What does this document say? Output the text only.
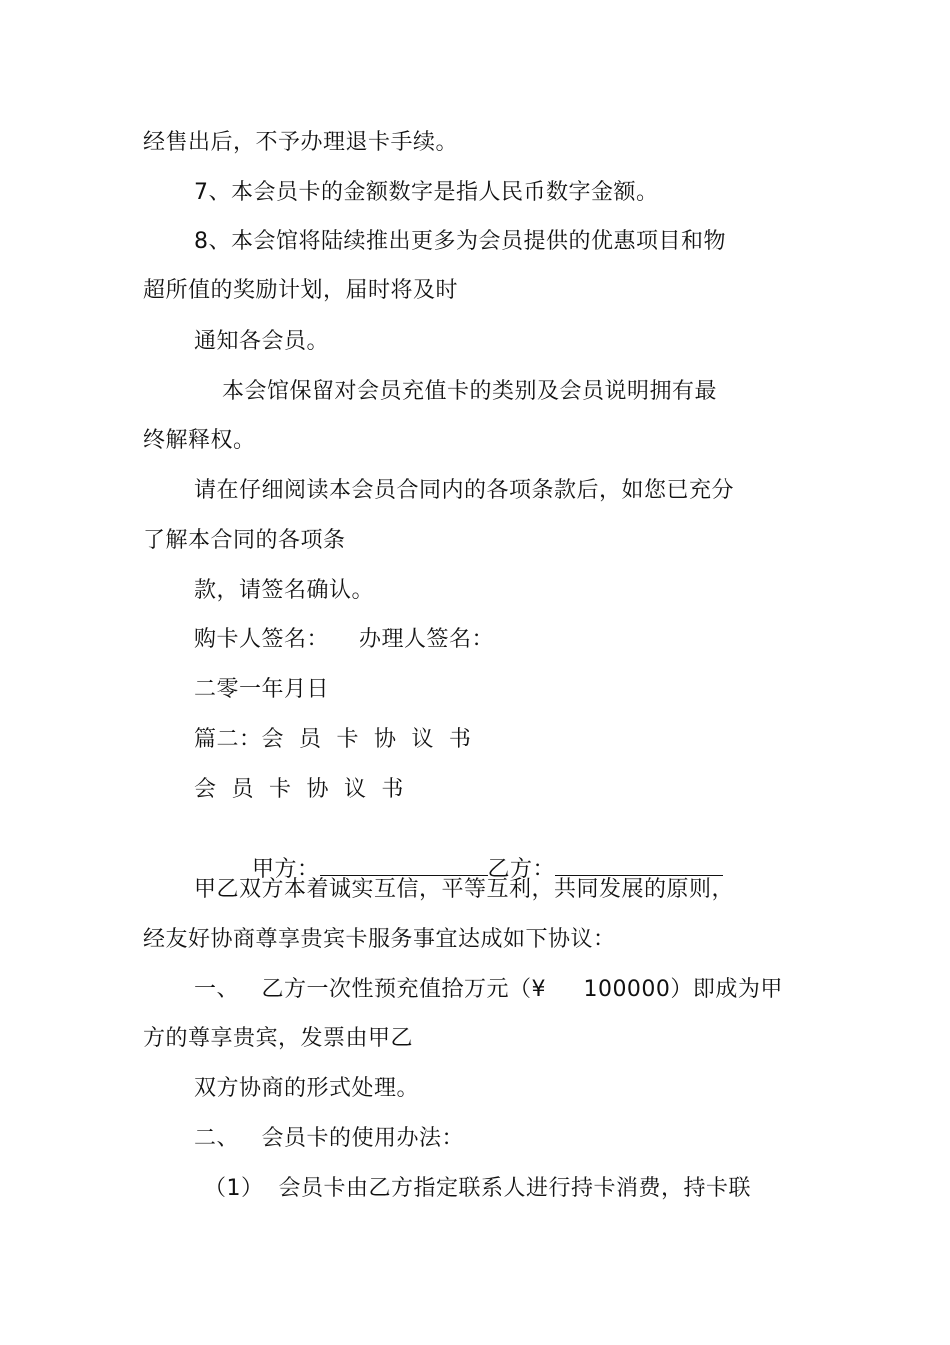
经售出后，不予办理退卡手续。
7、本会员卡的金额数字是指人民币数字金额。
8、本会馆将陆续推出更多为会员提供的优惠项目和物
超所值的奖励计划，届时将及时
通知各会员。
本会馆保留对会员充值卡的类别及会员说明拥有最
终解释权。
请在仔细阅读本会员合同内的各项条款后，如您已充分
了解本合同的各项条
款，请签名确认。
购卡人签名：    办理人签名：
二零一年月日
篇二：会  员  卡  协  议  书
会  员  卡  协  议  书

甲方：	乙方：

甲乙双方本着诚实互信，平等互利，共同发展的原则，
经友好协商尊享贵宾卡服务事宜达成如下协议：
一、   乙方一次性预充值拾万元（¥     100000）即成为甲
方的尊享贵宾，发票由甲乙
双方协商的形式处理。
二、   会员卡的使用办法：
（1）  会员卡由乙方指定联系人进行持卡消费，持卡联
